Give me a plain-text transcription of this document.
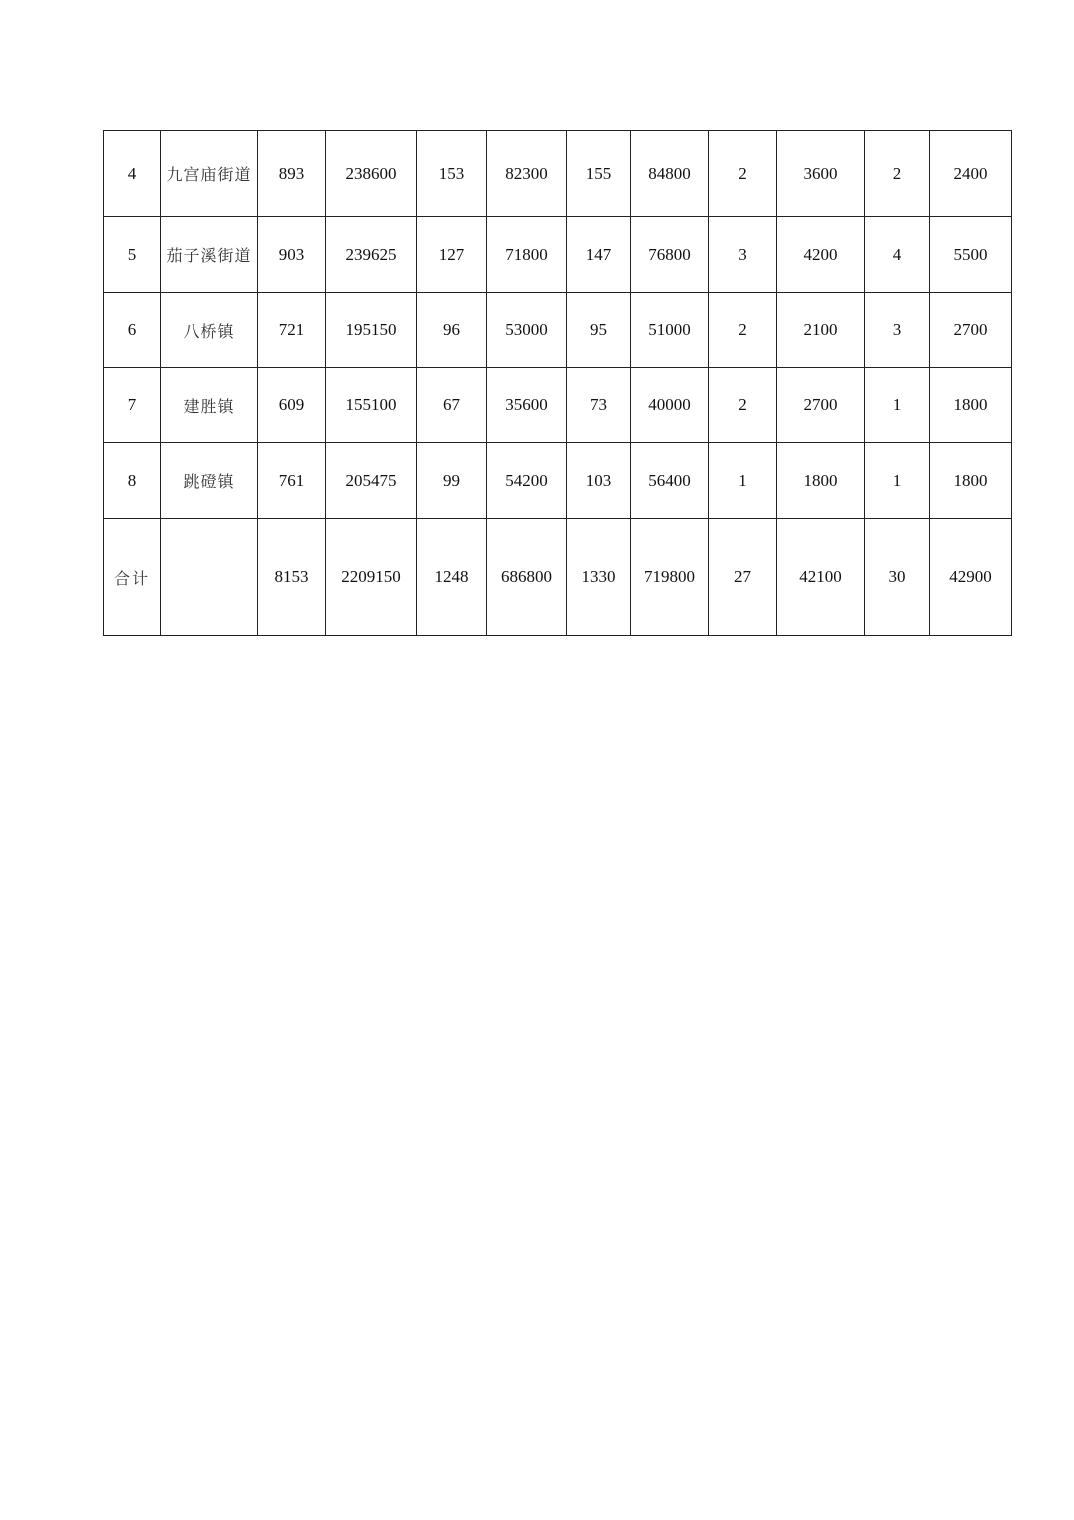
4	九宫庙街道	893	238600	153	82300	155	84800	2	3600	2	2400
5	茄子溪街道	903	239625	127	71800	147	76800	3	4200	4	5500
6	八桥镇	721	195150	96	53000	95	51000	2	2100	3	2700
7	建胜镇	609	155100	67	35600	73	40000	2	2700	1	1800
8	跳磴镇	761	205475	99	54200	103	56400	1	1800	1	1800
合计		8153	2209150	1248	686800	1330	719800	27	42100	30	42900
